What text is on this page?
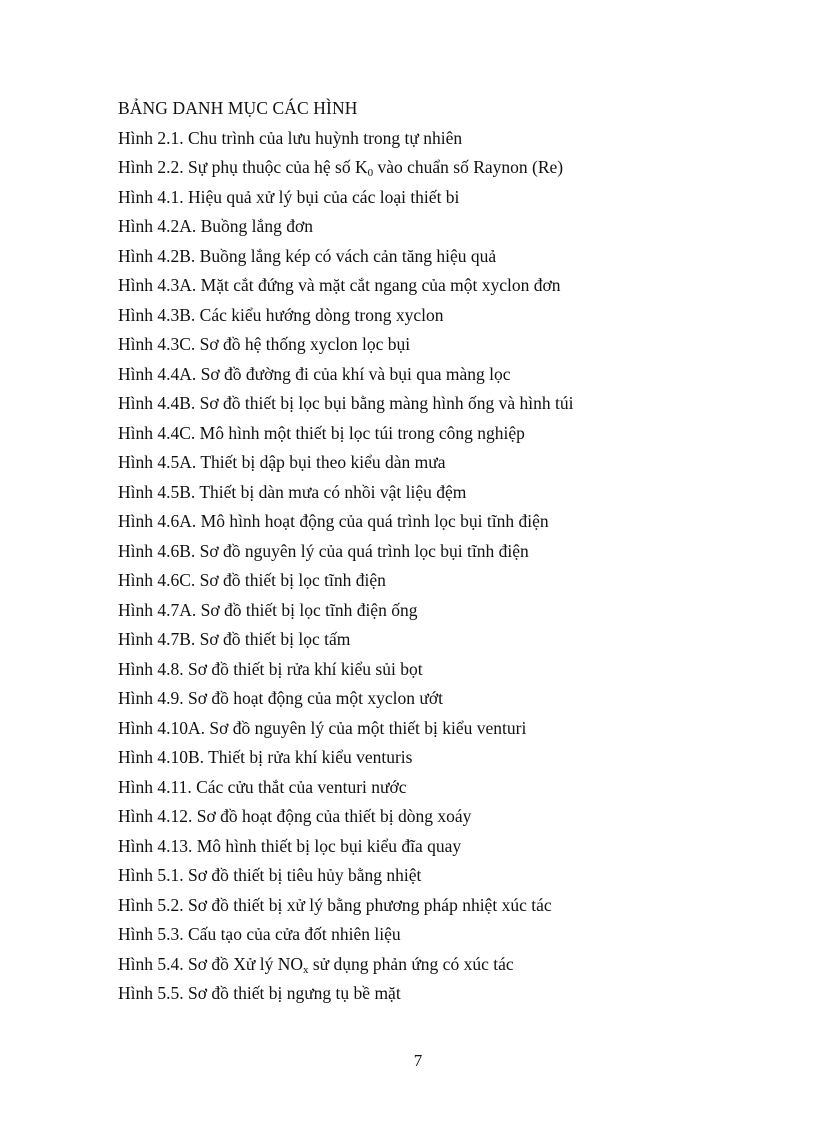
BẢNG DANH MỤC CÁC HÌNH
Hình 2.1. Chu trình của lưu huỳnh trong tự nhiên
Hình 2.2. Sự phụ thuộc của hệ số $K_0$ vào chuẩn số Raynon (Re)
Hình 4.1. Hiệu quả xử lý bụi của các loại thiết bi
Hình 4.2A. Buồng lắng đơn
Hình 4.2B. Buồng lắng kép có vách cản tăng hiệu quả
Hình 4.3A. Mặt cắt đứng và mặt cắt ngang của một xyclon đơn
Hình 4.3B. Các kiểu hướng dòng trong xyclon
Hình 4.3C. Sơ đồ hệ thống xyclon lọc bụi
Hình 4.4A. Sơ đồ đường đi của khí và bụi qua màng lọc
Hình 4.4B. Sơ đồ thiết bị lọc bụi bằng màng hình ống và hình túi
Hình 4.4C. Mô hình một thiết bị lọc túi trong công nghiệp
Hình 4.5A. Thiết bị dập bụi theo kiểu dàn mưa
Hình 4.5B. Thiết bị dàn mưa có nhồi vật liệu đệm
Hình 4.6A. Mô hình hoạt động của quá trình lọc bụi tĩnh điện
Hình 4.6B. Sơ đồ nguyên lý của quá trình lọc bụi tĩnh điện
Hình 4.6C. Sơ đồ thiết bị lọc tĩnh điện
Hình 4.7A. Sơ đồ thiết bị lọc tĩnh điện ống
Hình 4.7B. Sơ đồ thiết bị lọc tấm
Hình 4.8. Sơ đồ thiết bị rửa khí kiểu sủi bọt
Hình 4.9. Sơ đồ hoạt động của một xyclon ướt
Hình 4.10A. Sơ đồ nguyên lý của một thiết bị kiểu venturi
Hình 4.10B. Thiết bị rửa khí kiểu venturis
Hình 4.11. Các cửu thắt của venturi nước
Hình 4.12. Sơ đồ hoạt động của thiết bị dòng xoáy
Hình 4.13. Mô hình thiết bị lọc bụi kiểu đĩa quay
Hình 5.1. Sơ đồ thiết bị tiêu hủy bằng nhiệt
Hình 5.2. Sơ đồ thiết bị xử lý bằng phương pháp nhiệt xúc tác
Hình 5.3. Cấu tạo của cửa đốt nhiên liệu
Hình 5.4. Sơ đồ Xử lý $NO_x$ sử dụng phản ứng có xúc tác
Hình 5.5. Sơ đồ thiết bị ngưng tụ bề mặt
7
